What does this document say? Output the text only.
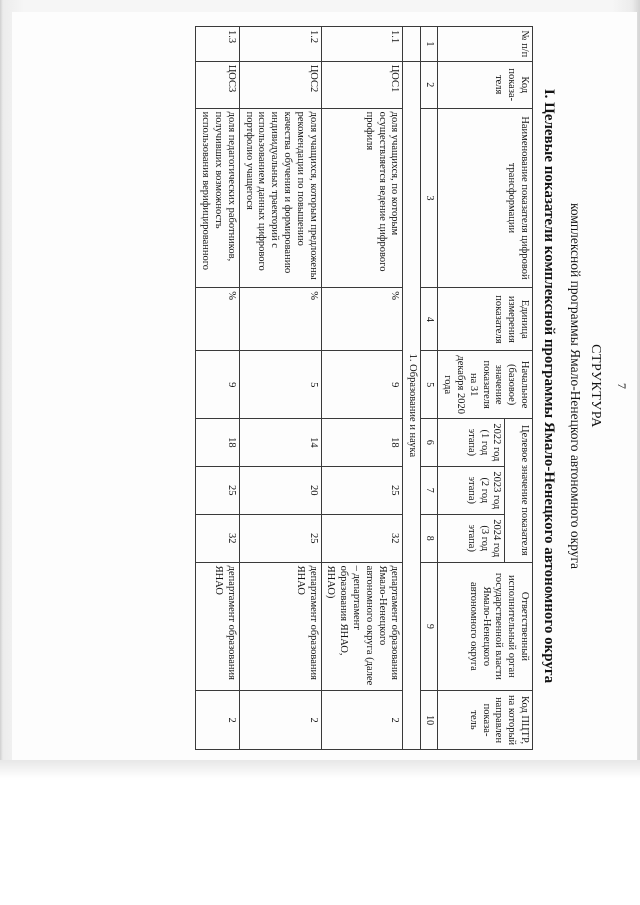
7
СТРУКТУРА
комплексной программы Ямало-Ненецкого автономного округа
I. Целевые показатели комплексной программы Ямало-Ненецкого автономного округа
№ п/п	Код показа-теля	Наименование показателя цифровой трансформации	Единица измерения показателя	Начальное (базовое) значение показателя на 31 декабря 2020 года	Целевое значение показателя			Ответственный исполнительный орган государственной власти Ямало-Ненецкого автономного округа	Код ПЦТР, на который направлен показа-тель
					2022 год (1 год этапа)	2023 год (2 год этапа)	2024 год (3 год этапа)		
1	2	3	4	5	6	7	8	9	10
	1. Образование и наука								
1.1	ЦОС1	доля учащихся, по которым осуществляется ведение цифрового профиля	%	9	18	25	32	департамент образования Ямало-Ненецкого автономного округа (далее – департамент образования ЯНАО, ЯНАО)	2
1.2	ЦОС2	доля учащихся, которым предложены рекомендации по повышению качества обучения и формированию индивидуальных траекторий с использованием данных цифрового портфолио учащегося	%	5	14	20	25	департамент образования ЯНАО	2
1.3	ЦОС3	доля педагогических работников, получивших возможность использования верифицированного	%	9	18	25	32	департамент образования ЯНАО	2
